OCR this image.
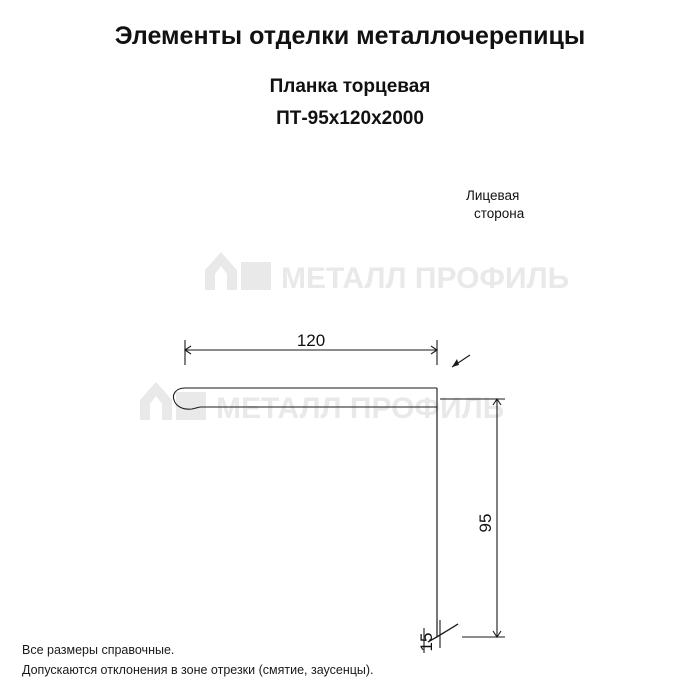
МЕТАЛЛ ПРОФИЛЬ
МЕТАЛЛ ПРОФИЛЬ
Элементы отделки металлочерепицы
Планка торцевая
ПТ-95х120х2000
120
95
15
Лицевая
сторона
Все размеры справочные.
Допускаются отклонения в зоне отрезки (смятие, заусенцы).
